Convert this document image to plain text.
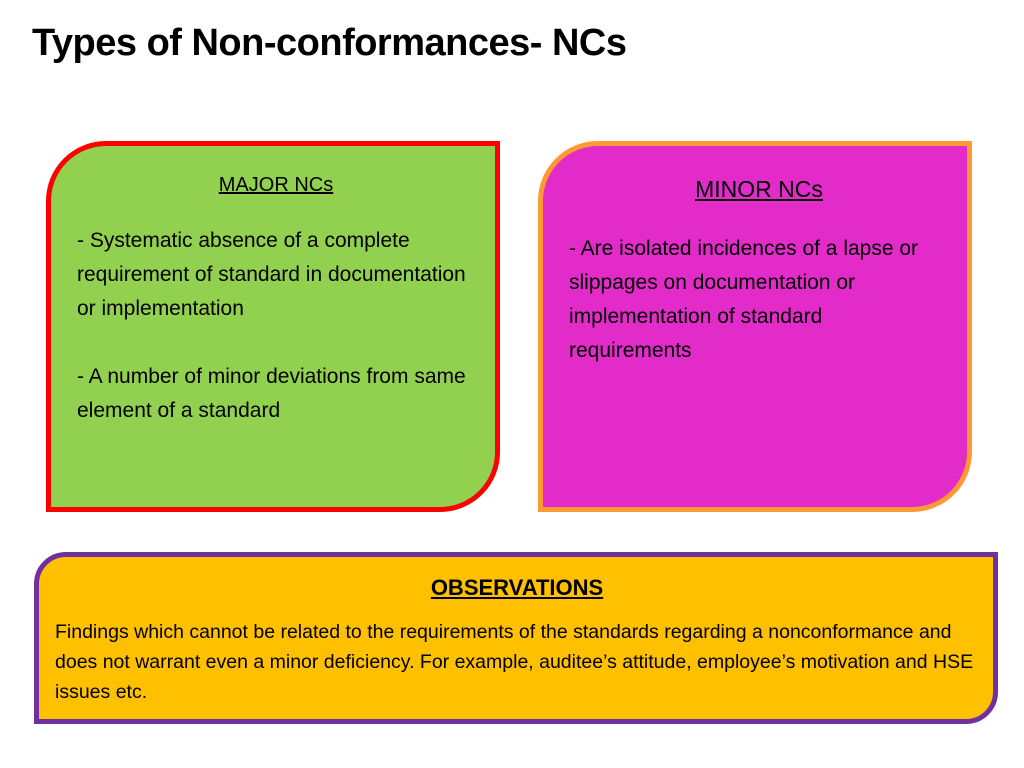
Types of Non-conformances- NCs
MAJOR NCs

- Systematic absence of a complete requirement of standard in documentation or implementation

- A number of minor deviations from same element of a standard

MINOR NCs

- Are isolated incidences of a lapse or slippages on documentation or implementation of standard requirements

OBSERVATIONS

Findings which cannot be related to the requirements of the standards regarding a nonconformance and does not warrant even a minor deficiency. For example, auditee’s attitude, employee’s motivation and HSE issues etc.
